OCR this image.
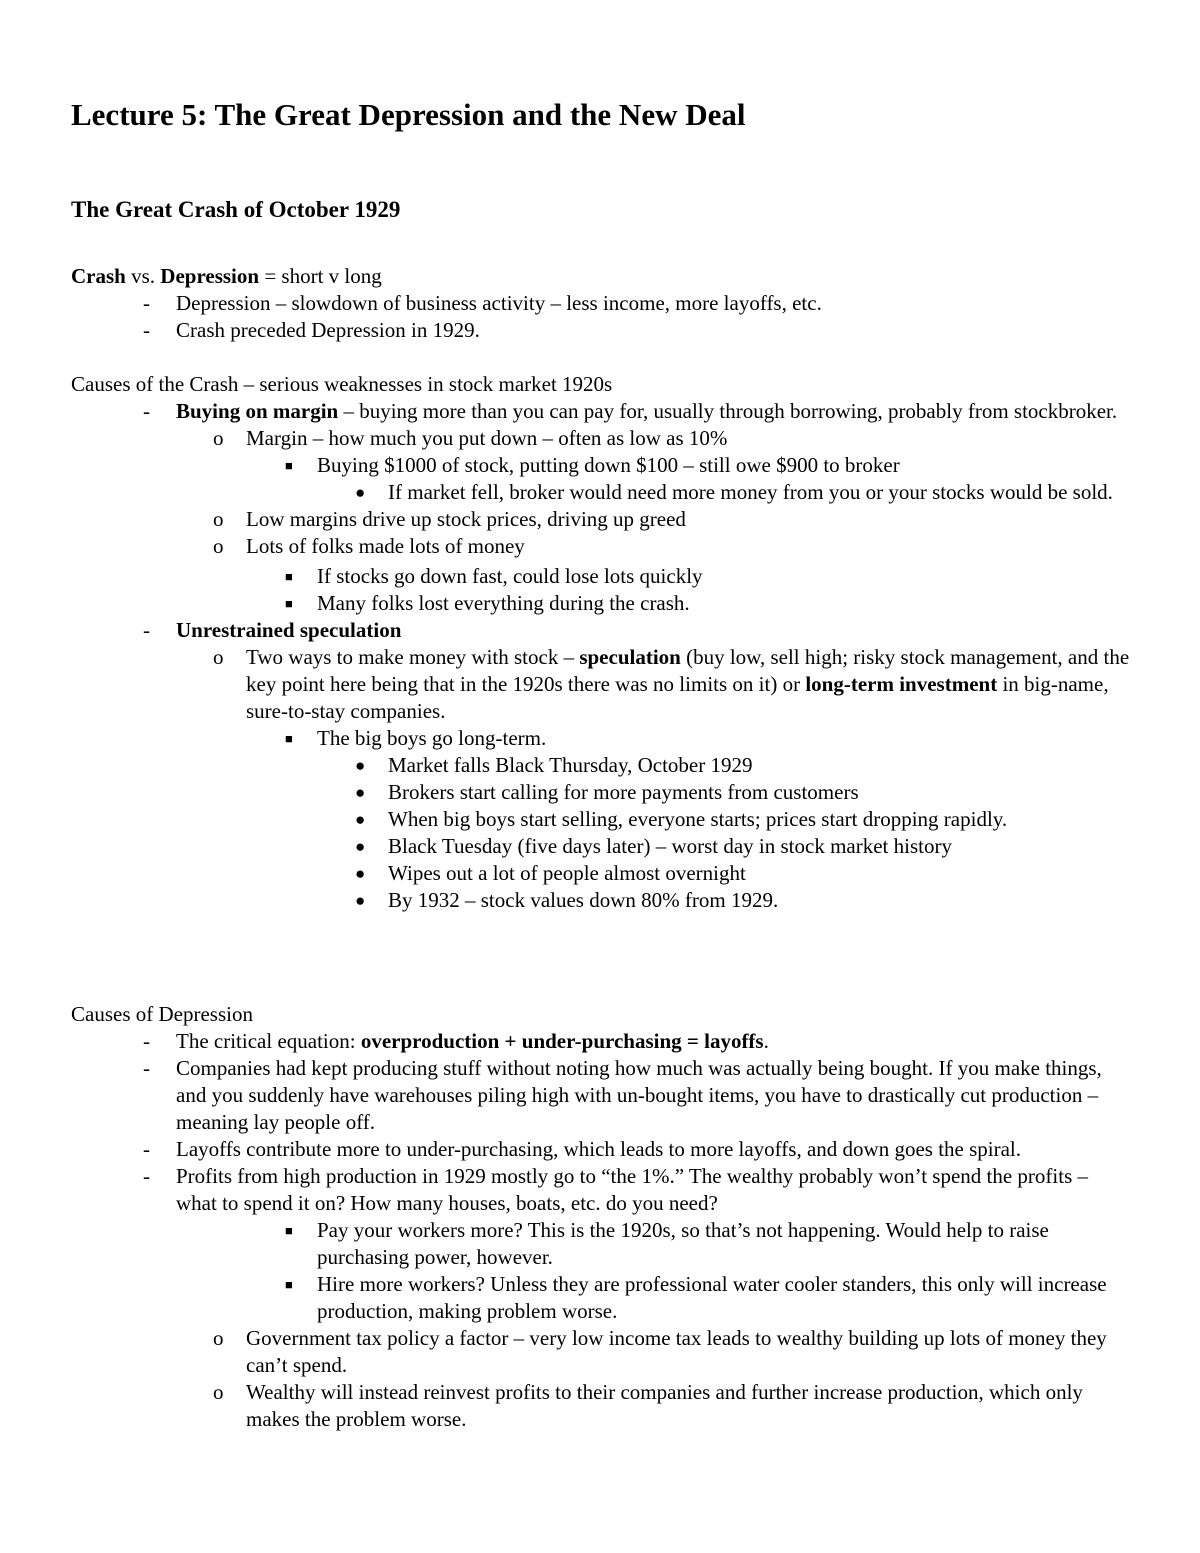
Lecture 5: The Great Depression and the New Deal
The Great Crash of October 1929
Crash vs. Depression = short v long
- Depression – slowdown of business activity – less income, more layoffs, etc.
- Crash preceded Depression in 1929.
Causes of the Crash – serious weaknesses in stock market 1920s
- Buying on margin – buying more than you can pay for, usually through borrowing, probably from stockbroker.
o Margin – how much you put down – often as low as 10%
■ Buying $1000 of stock, putting down $100 – still owe $900 to broker
● If market fell, broker would need more money from you or your stocks would be sold.
o Low margins drive up stock prices, driving up greed
o Lots of folks made lots of money
■ If stocks go down fast, could lose lots quickly
■ Many folks lost everything during the crash.
- Unrestrained speculation
o Two ways to make money with stock – speculation (buy low, sell high; risky stock management, and the key point here being that in the 1920s there was no limits on it) or long-term investment in big-name, sure-to-stay companies.
■ The big boys go long-term.
● Market falls Black Thursday, October 1929
● Brokers start calling for more payments from customers
● When big boys start selling, everyone starts; prices start dropping rapidly.
● Black Tuesday (five days later) – worst day in stock market history
● Wipes out a lot of people almost overnight
● By 1932 – stock values down 80% from 1929.
Causes of Depression
- The critical equation: overproduction + under-purchasing = layoffs.
- Companies had kept producing stuff without noting how much was actually being bought. If you make things, and you suddenly have warehouses piling high with un-bought items, you have to drastically cut production – meaning lay people off.
- Layoffs contribute more to under-purchasing, which leads to more layoffs, and down goes the spiral.
- Profits from high production in 1929 mostly go to “the 1%.” The wealthy probably won’t spend the profits – what to spend it on? How many houses, boats, etc. do you need?
■ Pay your workers more? This is the 1920s, so that’s not happening. Would help to raise purchasing power, however.
■ Hire more workers? Unless they are professional water cooler standers, this only will increase production, making problem worse.
o Government tax policy a factor – very low income tax leads to wealthy building up lots of money they can’t spend.
o Wealthy will instead reinvest profits to their companies and further increase production, which only makes the problem worse.
